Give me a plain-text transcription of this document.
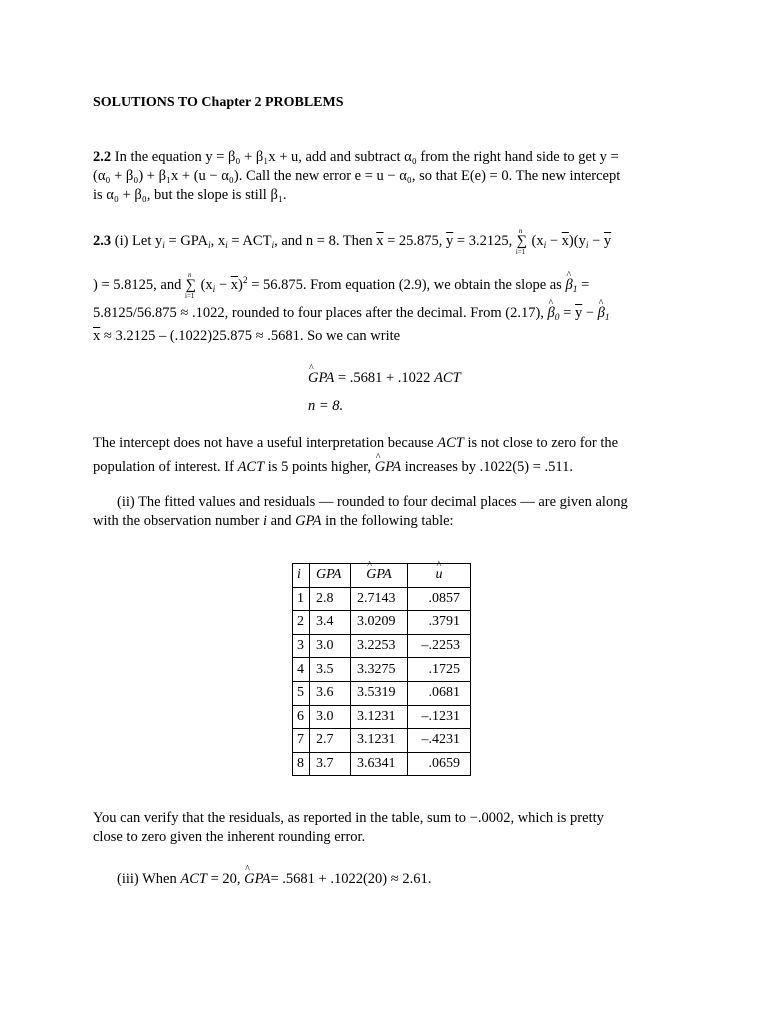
SOLUTIONS TO Chapter 2 PROBLEMS
2.2 In the equation y = β₀ + β₁x + u, add and subtract α₀ from the right hand side to get y =
(α₀ + β₀) + β₁x + (u − α₀). Call the new error e = u − α₀, so that E(e) = 0. The new intercept
is α₀ + β₀, but the slope is still β₁.
2.3 (i) Let $y_i = GPA_i$, $x_i = ACT_i$, and n = 8. Then $\overline{x} = 25.875$, $\overline{y} = 3.2125$, ∑
n
i=1
$(x_i - \overline{x})(y_i - \overline{y}$
) = 5.8125, and ∑
n
i=1
$(x_i - \overline{x})^2 = 56.875$. From equation (2.9), we obtain the slope as ^ $\beta_1$ =
5.8125/56.875 ≈ .1022, rounded to four places after the decimal. From (2.17), ^ $\beta_0 = \overline{y}$ − ^ $\beta_1$
$\overline{x} \approx 3.2125 - (.1022)25.875 \approx .5681$. So we can write
^ GPA = .5681 + .1022 ACT
n = 8.
The intercept does not have a useful interpretation because ACT is not close to zero for the
population of interest. If ACT is 5 points higher, ^ GPA increases by .1022(5) = .511.
(ii) The fitted values and residuals — rounded to four decimal places — are given along
with the observation number i and GPA in the following table:
i	GPA	^ GPA	^ u
1	2.8	2.7143	.0857
2	3.4	3.0209	.3791
3	3.0	3.2253	–.2253
4	3.5	3.3275	.1725
5	3.6	3.5319	.0681
6	3.0	3.1231	–.1231
7	2.7	3.1231	–.4231
8	3.7	3.6341	.0659
You can verify that the residuals, as reported in the table, sum to −.0002, which is pretty
close to zero given the inherent rounding error.
(iii) When ACT = 20, ^ GPA= .5681 + .1022(20) ≈ 2.61.
